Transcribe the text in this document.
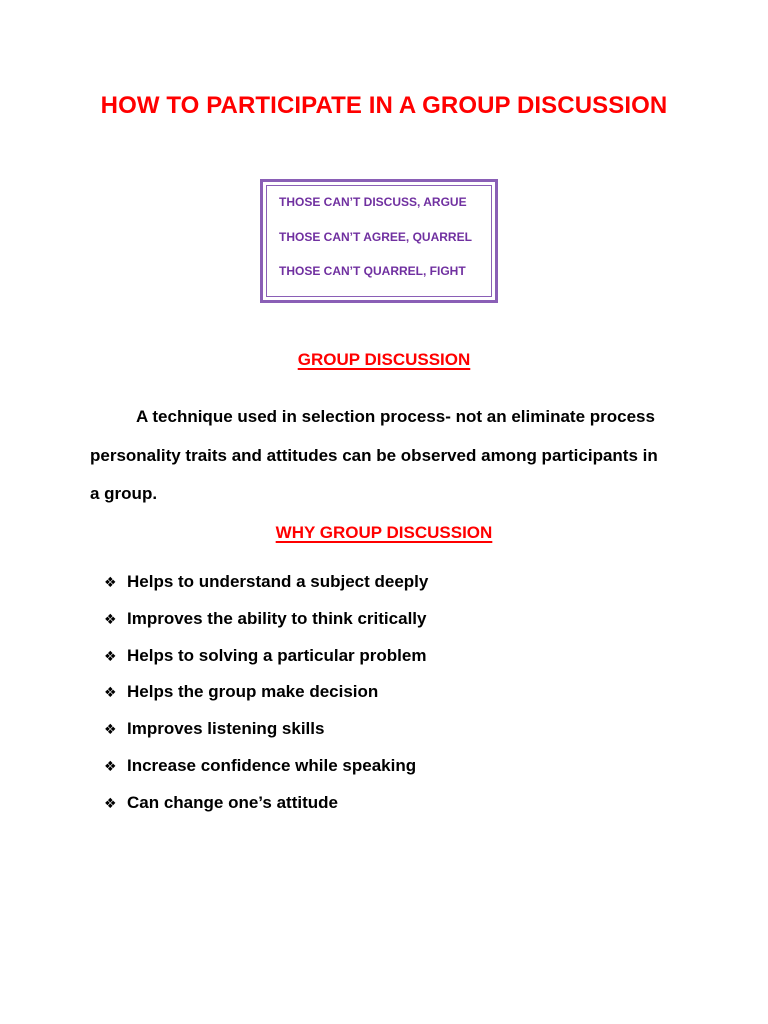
HOW TO PARTICIPATE IN A GROUP DISCUSSION

THOSE CAN’T DISCUSS, ARGUE

THOSE CAN’T AGREE, QUARREL

THOSE CAN’T QUARREL, FIGHT

GROUP DISCUSSION

A technique used in selection process- not an eliminate process
personality traits and attitudes can be observed among participants in
a group.

WHY GROUP DISCUSSION
❖ Helps to understand a subject deeply
❖ Improves the ability to think critically
❖ Helps to solving a particular problem
❖ Helps the group make decision
❖ Improves listening skills
❖ Increase confidence while speaking
❖ Can change one’s attitude
